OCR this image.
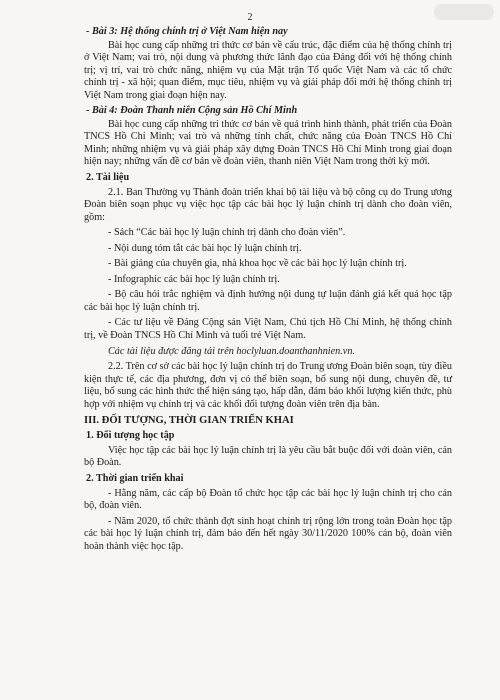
2
- Bài 3: Hệ thống chính trị ở Việt Nam hiện nay

Bài học cung cấp những tri thức cơ bản về cấu trúc, đặc điểm của hệ thống chính trị ở Việt Nam; vai trò, nội dung và phương thức lãnh đạo của Đảng đối với hệ thống chính trị; vị trí, vai trò chức năng, nhiệm vụ của Mặt trận Tổ quốc Việt Nam và các tổ chức chính trị - xã hội; quan điểm, mục tiêu, nhiệm vụ và giải pháp đổi mới hệ thống chính trị Việt Nam trong giai đoạn hiện nay.

- Bài 4: Đoàn Thanh niên Cộng sản Hồ Chí Minh

Bài học cung cấp những tri thức cơ bản về quá trình hình thành, phát triển của Đoàn TNCS Hồ Chí Minh; vai trò và những tính chất, chức năng của Đoàn TNCS Hồ Chí Minh; những nhiệm vụ và giải pháp xây dựng Đoàn TNCS Hồ Chí Minh trong giai đoạn hiện nay; những vấn đề cơ bản về đoàn viên, thanh niên Việt Nam trong thời kỳ mới.

2. Tài liệu

2.1. Ban Thường vụ Thành đoàn triển khai bộ tài liệu và bộ công cụ do Trung ương Đoàn biên soạn phục vụ việc học tập các bài học lý luận chính trị dành cho đoàn viên, gồm:

- Sách “Các bài học lý luận chính trị dành cho đoàn viên”.

- Nội dung tóm tắt các bài học lý luận chính trị.

- Bài giảng của chuyên gia, nhà khoa học về các bài học lý luận chính trị.

- Infographic các bài học lý luận chính trị.

- Bộ câu hỏi trắc nghiệm và định hướng nội dung tự luận đánh giá kết quả học tập các bài học lý luận chính trị.

- Các tư liệu về Đảng Cộng sản Việt Nam, Chủ tịch Hồ Chí Minh, hệ thống chính trị, về Đoàn TNCS Hồ Chí Minh và tuổi trẻ Việt Nam.

Các tài liệu được đăng tải trên hoclyluan.doanthanhnien.vn.

2.2. Trên cơ sở các bài học lý luận chính trị do Trung ương Đoàn biên soạn, tùy điều kiện thực tế, các địa phương, đơn vị có thể biên soạn, bổ sung nội dung, chuyên đề, tư liệu, bổ sung các hình thức thể hiện sáng tạo, hấp dẫn, đảm bảo khối lượng kiến thức, phù hợp với nhiệm vụ chính trị và các khối đối tượng đoàn viên trên địa bàn.

III. ĐỐI TƯỢNG, THỜI GIAN TRIỂN KHAI
1. Đối tượng học tập

Việc học tập các bài học lý luận chính trị là yêu cầu bắt buộc đối với đoàn viên, cán bộ Đoàn.

2. Thời gian triển khai

- Hằng năm, các cấp bộ Đoàn tổ chức học tập các bài học lý luận chính trị cho cán bộ, đoàn viên.

- Năm 2020, tổ chức thành đợt sinh hoạt chính trị rộng lớn trong toàn Đoàn học tập các bài học lý luận chính trị, đảm bảo đến hết ngày 30/11/2020 100% cán bộ, đoàn viên hoàn thành việc học tập.
